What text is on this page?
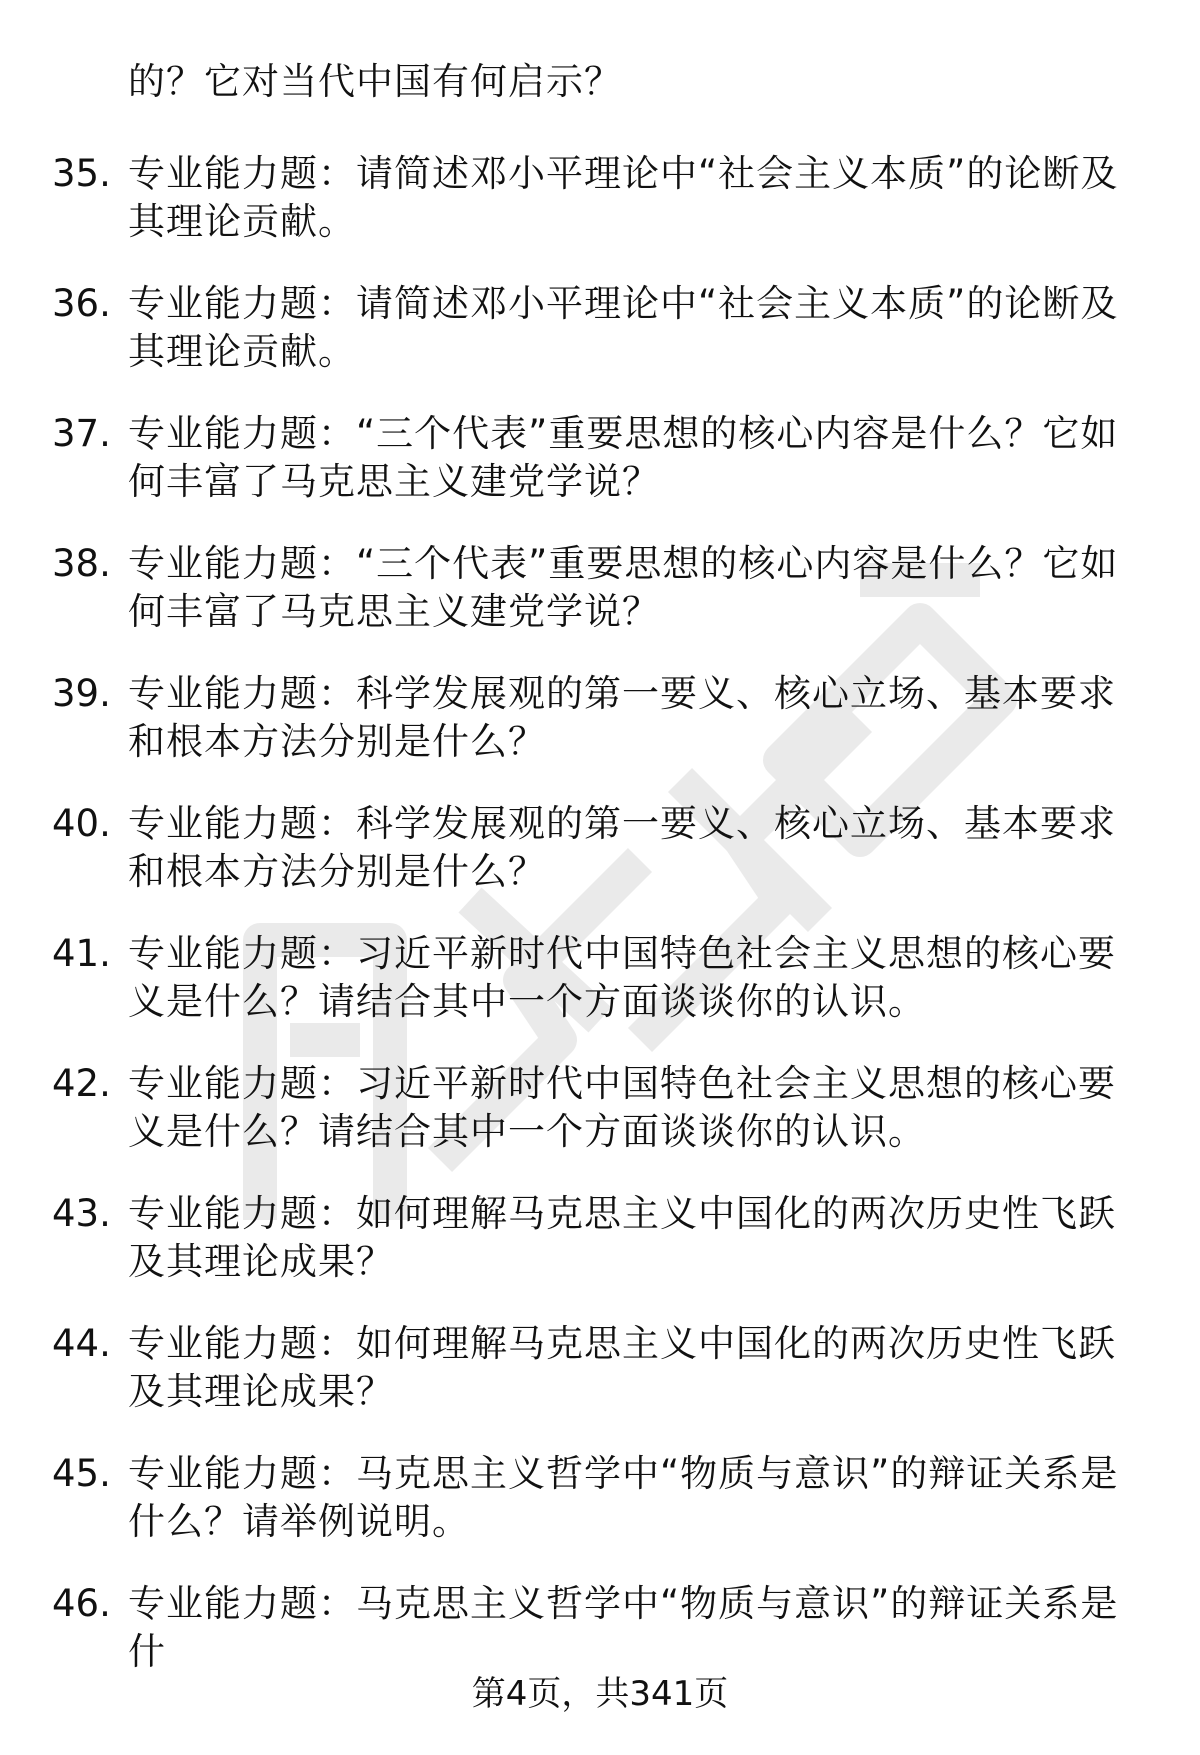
的？它对当代中国有何启示？
35. 专业能力题：请简述邓小平理论中“社会主义本质”的论断及其理论贡献。
36. 专业能力题：请简述邓小平理论中“社会主义本质”的论断及其理论贡献。
37. 专业能力题：“三个代表”重要思想的核心内容是什么？它如何丰富了马克思主义建党学说？
38. 专业能力题：“三个代表”重要思想的核心内容是什么？它如何丰富了马克思主义建党学说？
39. 专业能力题：科学发展观的第一要义、核心立场、基本要求和根本方法分别是什么？
40. 专业能力题：科学发展观的第一要义、核心立场、基本要求和根本方法分别是什么？
41. 专业能力题：习近平新时代中国特色社会主义思想的核心要义是什么？请结合其中一个方面谈谈你的认识。
42. 专业能力题：习近平新时代中国特色社会主义思想的核心要义是什么？请结合其中一个方面谈谈你的认识。
43. 专业能力题：如何理解马克思主义中国化的两次历史性飞跃及其理论成果？
44. 专业能力题：如何理解马克思主义中国化的两次历史性飞跃及其理论成果？
45. 专业能力题：马克思主义哲学中“物质与意识”的辩证关系是什么？请举例说明。
46. 专业能力题：马克思主义哲学中“物质与意识”的辩证关系是什
第4页，共341页
